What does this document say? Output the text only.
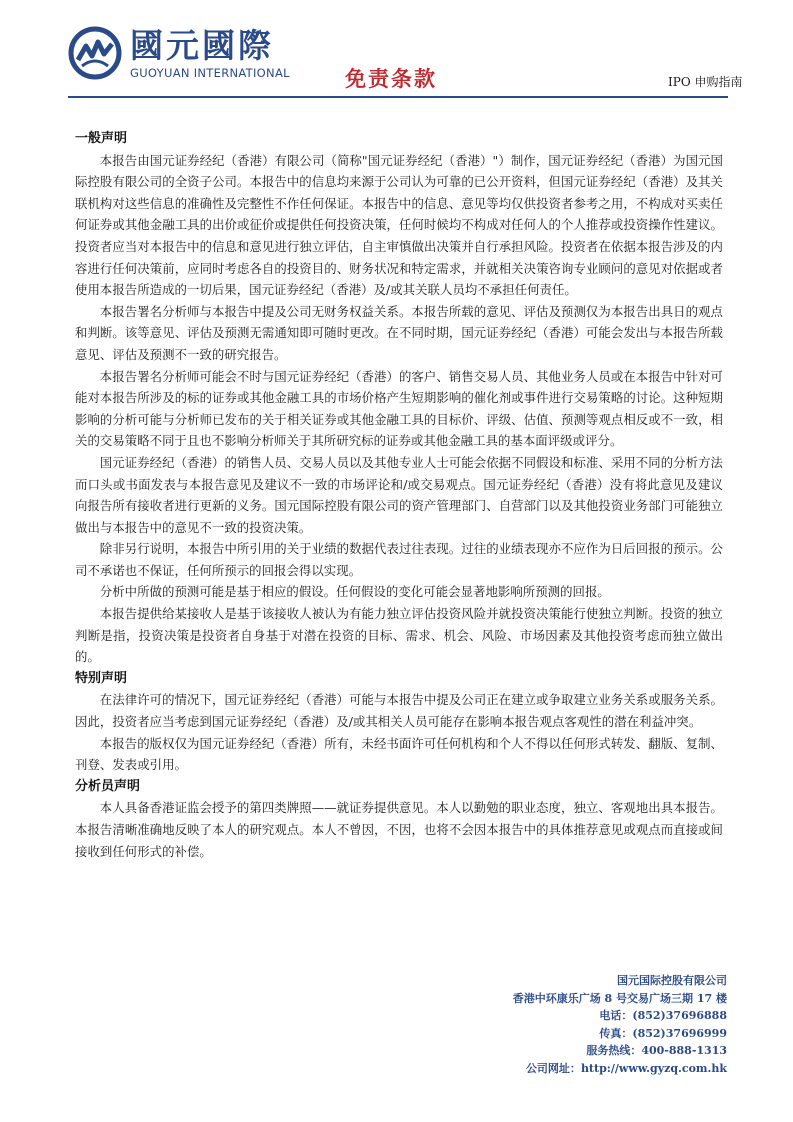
國元國際
GUOYUAN INTERNATIONAL	免责条款	IPO 申购指南
一般声明

本报告由国元证券经纪（香港）有限公司（简称"国元证券经纪（香港）"）制作，国元证券经纪（香港）为国元国际控股有限公司的全资子公司。本报告中的信息均来源于公司认为可靠的已公开资料，但国元证券经纪（香港）及其关联机构对这些信息的准确性及完整性不作任何保证。本报告中的信息、意见等均仅供投资者参考之用，不构成对买卖任何证券或其他金融工具的出价或征价或提供任何投资决策，任何时候均不构成对任何人的个人推荐或投资操作性建议。投资者应当对本报告中的信息和意见进行独立评估，自主审慎做出决策并自行承担风险。投资者在依据本报告涉及的内容进行任何决策前，应同时考虑各自的投资目的、财务状况和特定需求，并就相关决策咨询专业顾问的意见对依据或者使用本报告所造成的一切后果，国元证券经纪（香港）及/或其关联人员均不承担任何责任。

本报告署名分析师与本报告中提及公司无财务权益关系。本报告所载的意见、评估及预测仅为本报告出具日的观点和判断。该等意见、评估及预测无需通知即可随时更改。在不同时期，国元证券经纪（香港）可能会发出与本报告所载意见、评估及预测不一致的研究报告。

本报告署名分析师可能会不时与国元证券经纪（香港）的客户、销售交易人员、其他业务人员或在本报告中针对可能对本报告所涉及的标的证券或其他金融工具的市场价格产生短期影响的催化剂或事件进行交易策略的讨论。这种短期影响的分析可能与分析师已发布的关于相关证券或其他金融工具的目标价、评级、估值、预测等观点相反或不一致，相关的交易策略不同于且也不影响分析师关于其所研究标的证券或其他金融工具的基本面评级或评分。

国元证券经纪（香港）的销售人员、交易人员以及其他专业人士可能会依据不同假设和标准、采用不同的分析方法而口头或书面发表与本报告意见及建议不一致的市场评论和/或交易观点。国元证券经纪（香港）没有将此意见及建议向报告所有接收者进行更新的义务。国元国际控股有限公司的资产管理部门、自营部门以及其他投资业务部门可能独立做出与本报告中的意见不一致的投资决策。

除非另行说明，本报告中所引用的关于业绩的数据代表过往表现。过往的业绩表现亦不应作为日后回报的预示。公司不承诺也不保证，任何所预示的回报会得以实现。

分析中所做的预测可能是基于相应的假设。任何假设的变化可能会显著地影响所预测的回报。

本报告提供给某接收人是基于该接收人被认为有能力独立评估投资风险并就投资决策能行使独立判断。投资的独立判断是指，投资决策是投资者自身基于对潜在投资的目标、需求、机会、风险、市场因素及其他投资考虑而独立做出的。

特别声明

在法律许可的情况下，国元证券经纪（香港）可能与本报告中提及公司正在建立或争取建立业务关系或服务关系。因此，投资者应当考虑到国元证券经纪（香港）及/或其相关人员可能存在影响本报告观点客观性的潜在利益冲突。

本报告的版权仅为国元证券经纪（香港）所有，未经书面许可任何机构和个人不得以任何形式转发、翻版、复制、刊登、发表或引用。

分析员声明

本人具备香港证监会授予的第四类牌照——就证券提供意见。本人以勤勉的职业态度，独立、客观地出具本报告。本报告清晰准确地反映了本人的研究观点。本人不曾因，不因，也将不会因本报告中的具体推荐意见或观点而直接或间接收到任何形式的补偿。

国元国际控股有限公司
香港中环康乐广场 8 号交易广场三期 17 楼
电话：(852)37696888
传真：(852)37696999
服务热线：400-888-1313
公司网址：http://www.gyzq.com.hk
